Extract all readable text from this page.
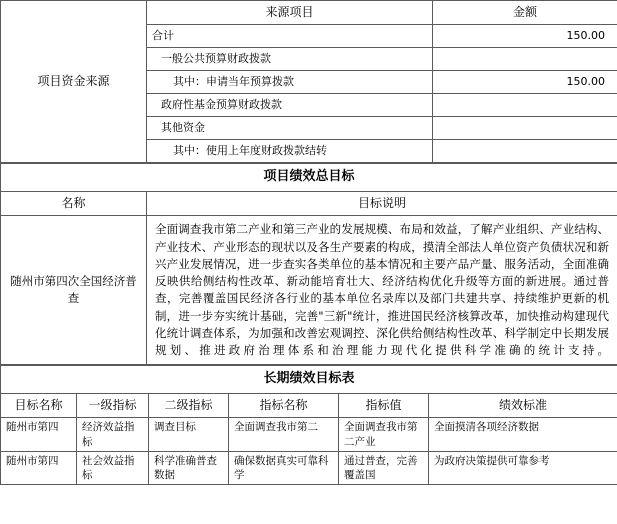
项目资金来源	来源项目	金额
	合计	150.00
	一般公共预算财政拨款	
	其中：申请当年预算拨款	150.00
	政府性基金预算财政拨款	
	其他资金	
	其中：使用上年度财政拨款结转	
项目绩效总目标	
名称	目标说明
随州市第四次全国经济普查	全面调查我市第二产业和第三产业的发展规模、布局和效益，了解产业组织、产业结构、产业技术、产业形态的现状以及各生产要素的构成，摸清全部法人单位资产负债状况和新兴产业发展情况，进一步查实各类单位的基本情况和主要产品产量、服务活动，全面准确反映供给侧结构性改革、新动能培育壮大、经济结构优化升级等方面的新进展。通过普查，完善覆盖国民经济各行业的基本单位名录库以及部门共建共享、持续维护更新的机制，进一步夯实统计基础，完善"三新"统计，推进国民经济核算改革，加快推动构建现代化统计调查体系，为加强和改善宏观调控、深化供给侧结构性改革、科学制定中长期发展规划、推进政府治理体系和治理能力现代化提供科学准确的统计支持。
长期绩效目标表					
目标名称	一级指标	二级指标	指标名称	指标值	绩效标准
随州市第四	经济效益指标	调查目标	全面调查我市第二	全面调查我市第二产业	全面摸清各项经济数据
随州市第四	社会效益指标	科学准确普查数据	确保数据真实可靠科学	通过普查，完善覆盖国	为政府决策提供可靠参考
